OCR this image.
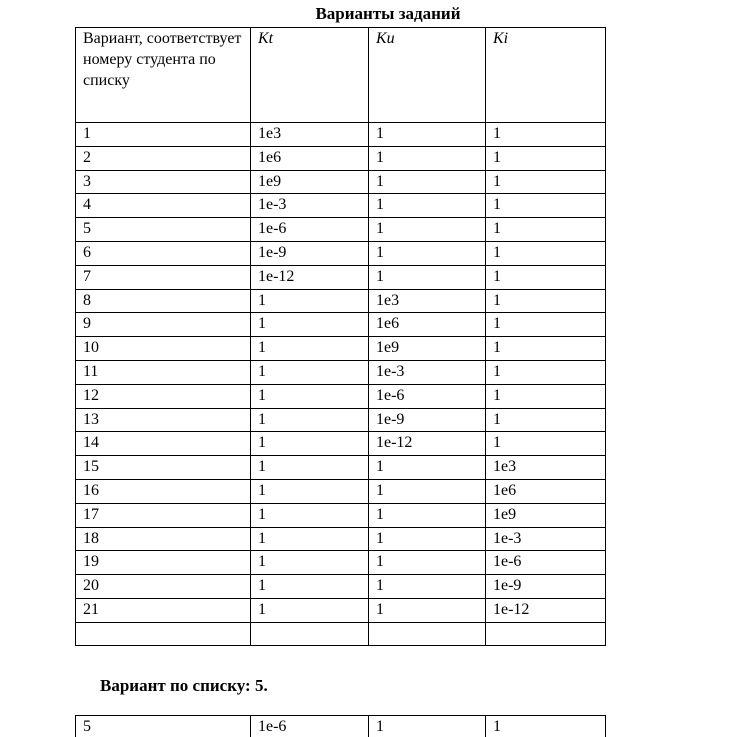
Варианты заданий
Вариант, соответствует номеру студента по списку	Kt	Ku	Ki
1	1e3	1	1
2	1e6	1	1
3	1e9	1	1
4	1e-3	1	1
5	1e-6	1	1
6	1e-9	1	1
7	1e-12	1	1
8	1	1e3	1
9	1	1e6	1
10	1	1e9	1
11	1	1e-3	1
12	1	1e-6	1
13	1	1e-9	1
14	1	1e-12	1
15	1	1	1e3
16	1	1	1e6
17	1	1	1e9
18	1	1	1e-3
19	1	1	1e-6
20	1	1	1e-9
21	1	1	1e-12

Вариант по списку: 5.
5	1e-6	1	1
